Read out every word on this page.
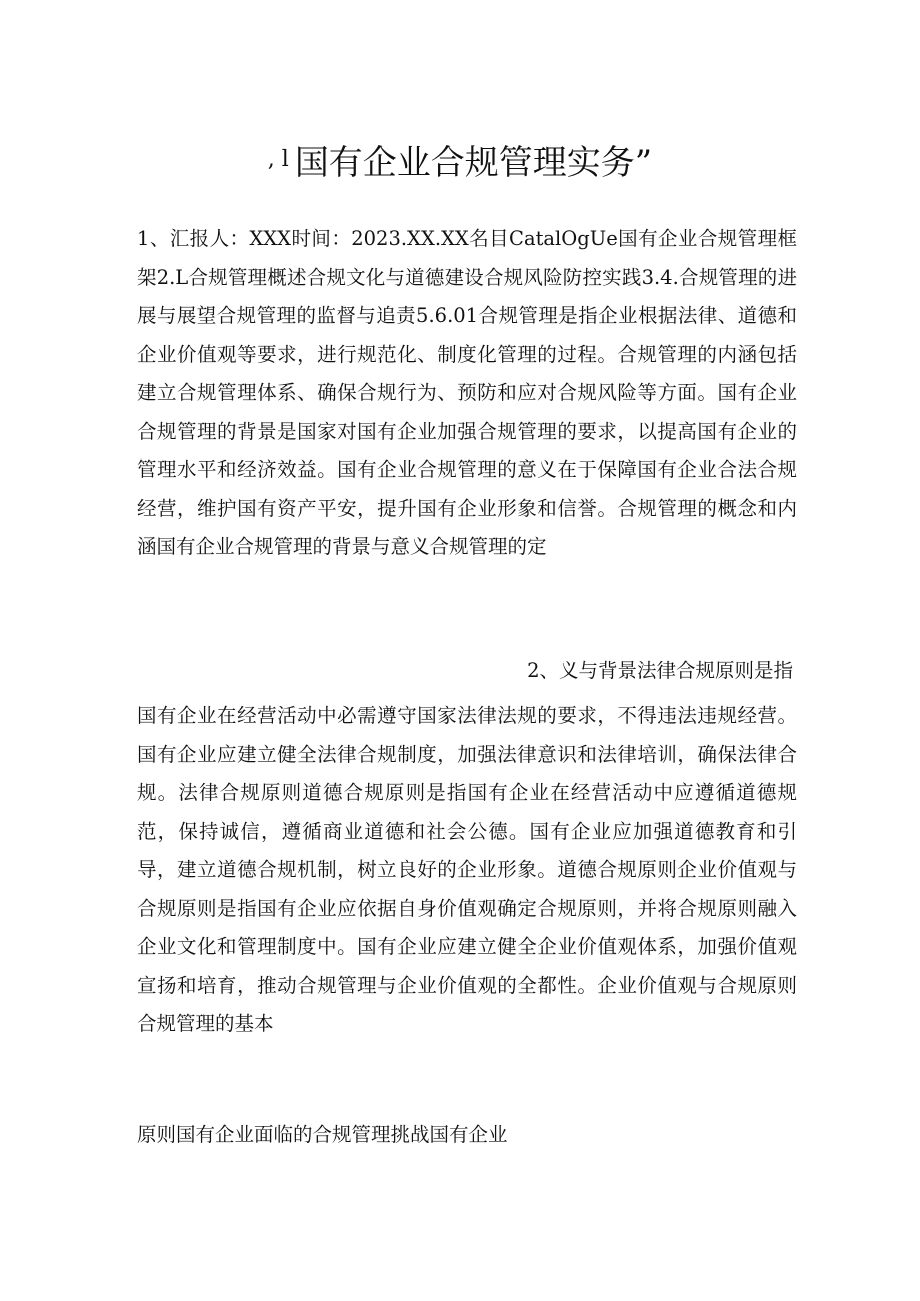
$^{, l}$ 国有企业合规管理实务”
1、汇报人：XXX时间：2023.XX.XX名目CatalOgUe国有企业合规管理框架2.L合规管理概述合规文化与道德建设合规风险防控实践3.4.合规管理的进展与展望合规管理的监督与追责5.6.01合规管理是指企业根据法律、道德和企业价值观等要求，进行规范化、制度化管理的过程。合规管理的内涵包括建立合规管理体系、确保合规行为、预防和应对合规风险等方面。国有企业合规管理的背景是国家对国有企业加强合规管理的要求，以提高国有企业的管理水平和经济效益。国有企业合规管理的意义在于保障国有企业合法合规经营，维护国有资产平安，提升国有企业形象和信誉。合规管理的概念和内涵国有企业合规管理的背景与意义合规管理的定
2、义与背景法律合规原则是指
国有企业在经营活动中必需遵守国家法律法规的要求，不得违法违规经营。国有企业应建立健全法律合规制度，加强法律意识和法律培训，确保法律合规。法律合规原则道德合规原则是指国有企业在经营活动中应遵循道德规范，保持诚信，遵循商业道德和社会公德。国有企业应加强道德教育和引导，建立道德合规机制，树立良好的企业形象。道德合规原则企业价值观与合规原则是指国有企业应依据自身价值观确定合规原则，并将合规原则融入企业文化和管理制度中。国有企业应建立健全企业价值观体系，加强价值观宣扬和培育，推动合规管理与企业价值观的全都性。企业价值观与合规原则合规管理的基本
原则国有企业面临的合规管理挑战国有企业
